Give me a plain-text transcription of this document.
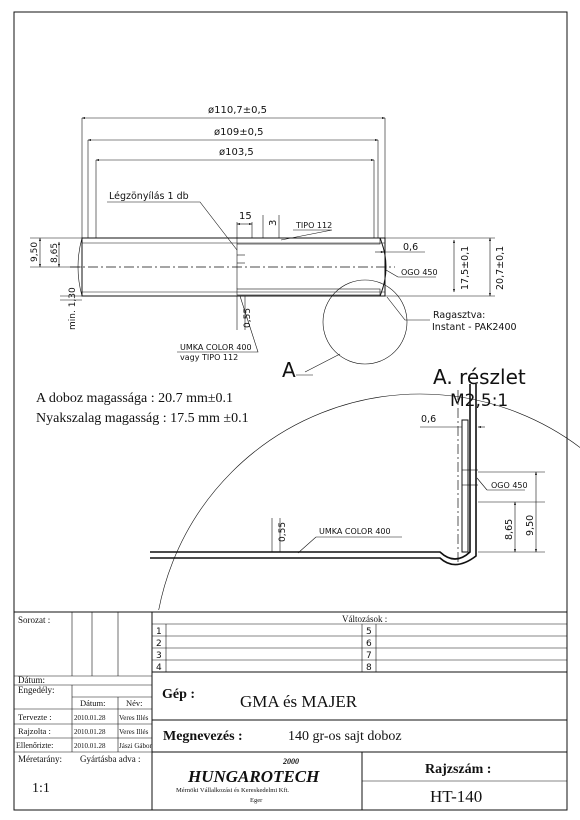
ø110,7±0,5
ø109±0,5
ø103,5
Légzönyílás 1 db
15
3 TIPO 112
0,6
OGO 450 17,5±0,1	20,7±0,1
9,50 8,65
min. 1,30	0,55	Ragasztva:
Instant - PAK2400
UMKA COLOR 400
vagy TIPO 112
A	A. részlet
M2,5:1
A doboz magassága : 20.7 mm±0.1
Nyakszalag magasság : 17.5 mm ±0.1	0,6
OGO 450
8,65 9,50
0,55	UMKA COLOR 400
Sorozat :
Dátum:
Engedély:
Dátum: Név:
Tervezte :	2010.01.28 Veres Illés
Rajzolta :	2010.01.28 Veres Illés
Ellenőrizte:	2010.01.28 Jászi Gábor
Méretarány: Gyártásba adva :
1:1
Változások :
1
2
3
4
5
6
7
8
Gép :	GMA és MAJER
Megnevezés :	140 gr-os sajt doboz
2000
HUNGAROTECH
Mérnöki Vállalkozási és Kereskedelmi Kft.
Eger
Rajzszám :
HT-140
